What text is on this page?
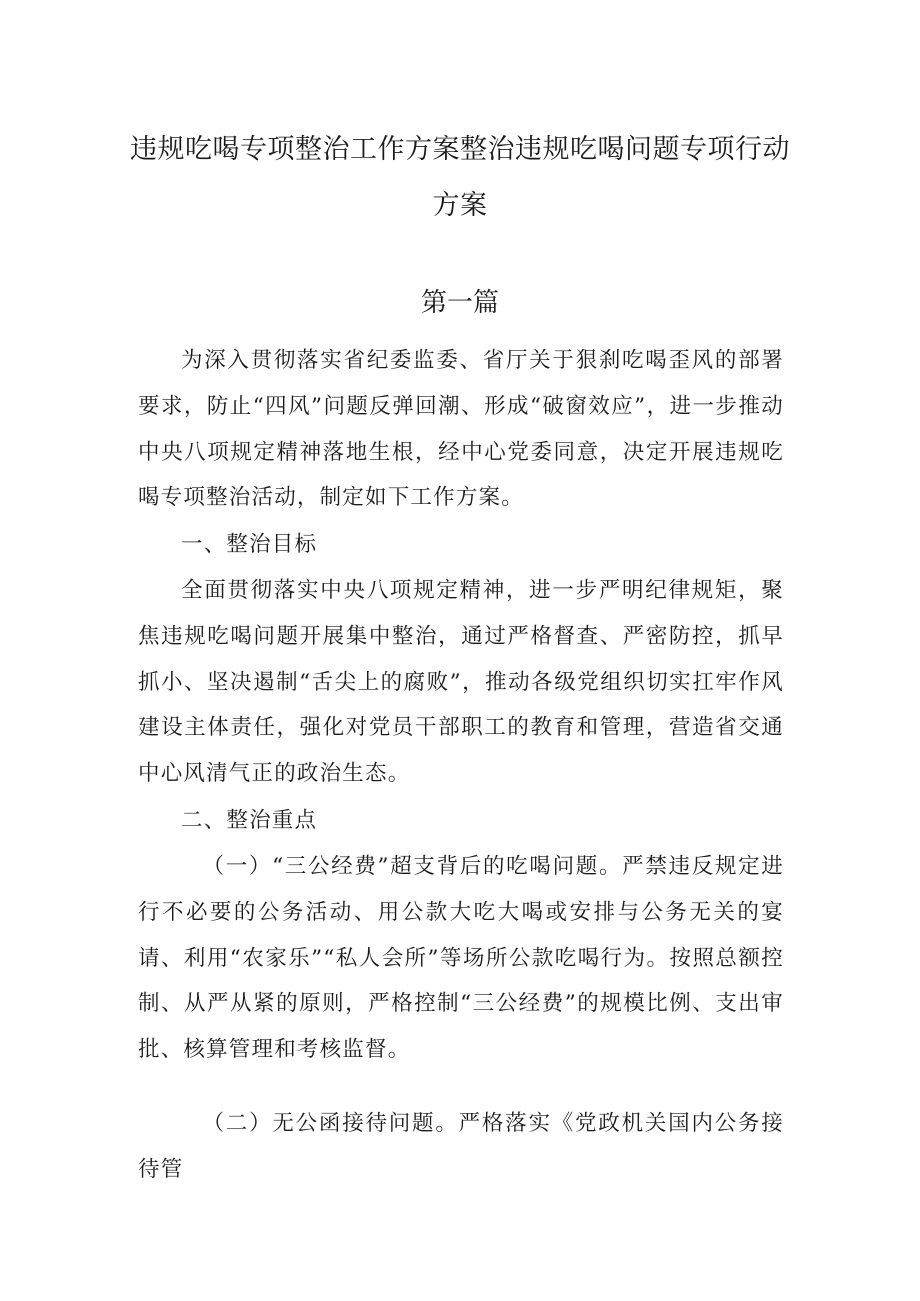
违规吃喝专项整治工作方案整治违规吃喝问题专项行动方案
第一篇

为深入贯彻落实省纪委监委、省厅关于狠刹吃喝歪风的部署要求，防止“四风”问题反弹回潮、形成“破窗效应”，进一步推动中央八项规定精神落地生根，经中心党委同意，决定开展违规吃喝专项整治活动，制定如下工作方案。

一、整治目标

全面贯彻落实中央八项规定精神，进一步严明纪律规矩，聚焦违规吃喝问题开展集中整治，通过严格督查、严密防控，抓早抓小、坚决遏制“舌尖上的腐败”，推动各级党组织切实扛牢作风建设主体责任，强化对党员干部职工的教育和管理，营造省交通中心风清气正的政治生态。

二、整治重点

（一）“三公经费”超支背后的吃喝问题。严禁违反规定进行不必要的公务活动、用公款大吃大喝或安排与公务无关的宴请、利用“农家乐”“私人会所”等场所公款吃喝行为。按照总额控制、从严从紧的原则，严格控制“三公经费”的规模比例、支出审批、核算管理和考核监督。

（二）无公函接待问题。严格落实《党政机关国内公务接待管
